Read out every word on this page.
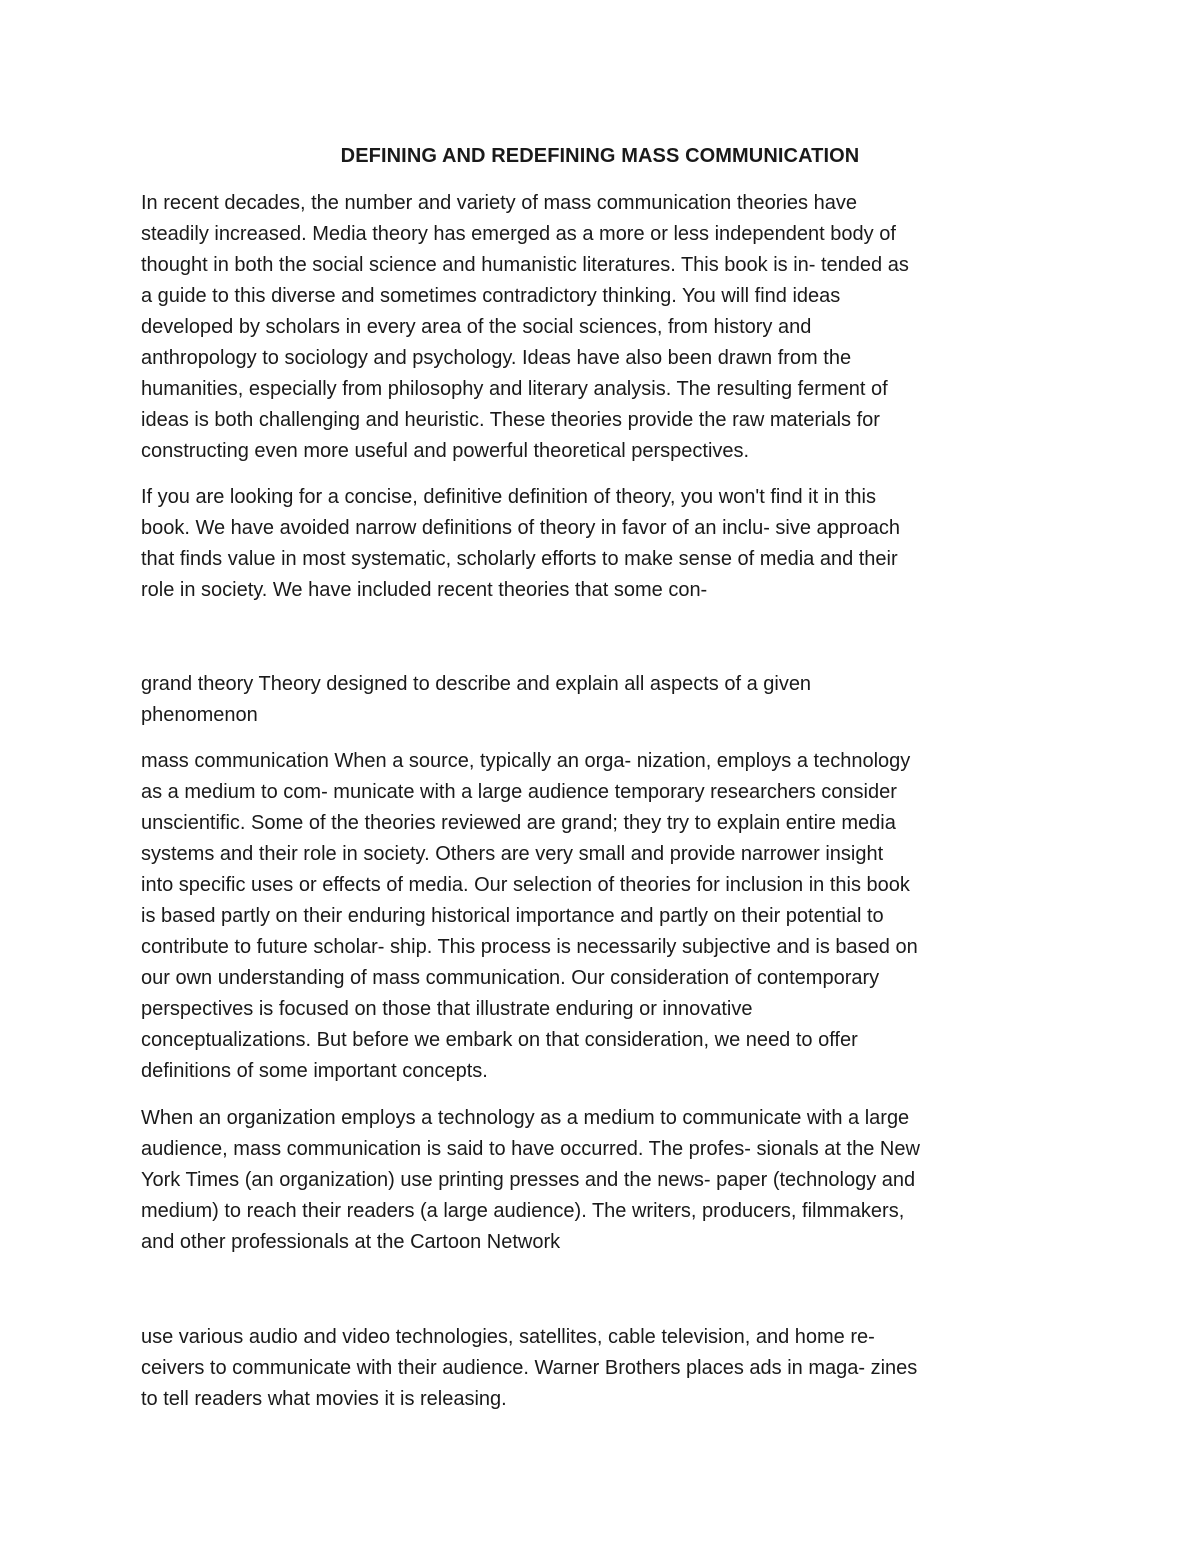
DEFINING AND REDEFINING MASS COMMUNICATION

In recent decades, the number and variety of mass communication theories have
steadily increased. Media theory has emerged as a more or less independent body of
thought in both the social science and humanistic literatures. This book is in- tended as
a guide to this diverse and sometimes contradictory thinking. You will find ideas
developed by scholars in every area of the social sciences, from history and
anthropology to sociology and psychology. Ideas have also been drawn from the
humanities, especially from philosophy and literary analysis. The resulting ferment of
ideas is both challenging and heuristic. These theories provide the raw materials for
constructing even more useful and powerful theoretical perspectives.

If you are looking for a concise, definitive definition of theory, you won't find it in this
book. We have avoided narrow definitions of theory in favor of an inclu- sive approach
that finds value in most systematic, scholarly efforts to make sense of media and their
role in society. We have included recent theories that some con-

grand theory Theory designed to describe and explain all aspects of a given
phenomenon

mass communication When a source, typically an orga- nization, employs a technology
as a medium to com- municate with a large audience temporary researchers consider
unscientific. Some of the theories reviewed are grand; they try to explain entire media
systems and their role in society. Others are very small and provide narrower insight
into specific uses or effects of media. Our selection of theories for inclusion in this book
is based partly on their enduring historical importance and partly on their potential to
contribute to future scholar- ship. This process is necessarily subjective and is based on
our own understanding of mass communication. Our consideration of contemporary
perspectives is focused on those that illustrate enduring or innovative
conceptualizations. But before we embark on that consideration, we need to offer
definitions of some important concepts.

When an organization employs a technology as a medium to communicate with a large
audience, mass communication is said to have occurred. The profes- sionals at the New
York Times (an organization) use printing presses and the news- paper (technology and
medium) to reach their readers (a large audience). The writers, producers, filmmakers,
and other professionals at the Cartoon Network

use various audio and video technologies, satellites, cable television, and home re-
ceivers to communicate with their audience. Warner Brothers places ads in maga- zines
to tell readers what movies it is releasing.
